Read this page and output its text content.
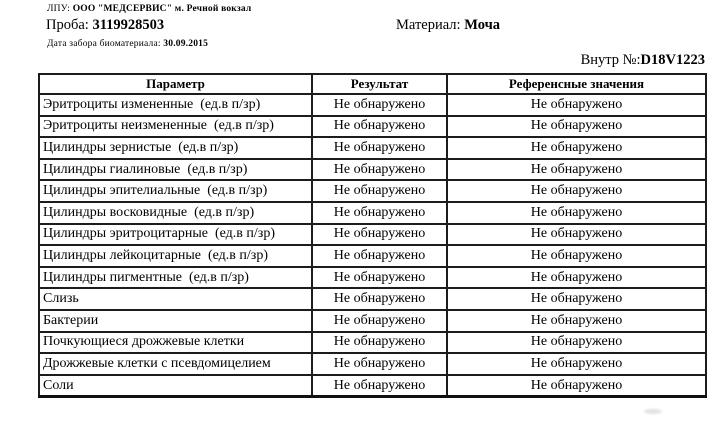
ЛПУ: ООО "МЕДСЕРВИС" м. Речной вокзал
Проба: 3119928503	Материал: Моча
Дата забора биоматериала: 30.09.2015
Внутр №:D18V1223
Параметр	Результат	Референсные значения
Эритроциты измененные  (ед.в п/зр)	Не обнаружено	Не обнаружено
Эритроциты неизмененные  (ед.в п/зр)	Не обнаружено	Не обнаружено
Цилиндры зернистые  (ед.в п/зр)	Не обнаружено	Не обнаружено
Цилиндры гиалиновые  (ед.в п/зр)	Не обнаружено	Не обнаружено
Цилиндры эпителиальные  (ед.в п/зр)	Не обнаружено	Не обнаружено
Цилиндры восковидные  (ед.в п/зр)	Не обнаружено	Не обнаружено
Цилиндры эритроцитарные  (ед.в п/зр)	Не обнаружено	Не обнаружено
Цилиндры лейкоцитарные  (ед.в п/зр)	Не обнаружено	Не обнаружено
Цилиндры пигментные  (ед.в п/зр)	Не обнаружено	Не обнаружено
Слизь	Не обнаружено	Не обнаружено
Бактерии	Не обнаружено	Не обнаружено
Почкующиеся дрожжевые клетки	Не обнаружено	Не обнаружено
Дрожжевые клетки с псевдомицелием	Не обнаружено	Не обнаружено
Соли	Не обнаружено	Не обнаружено
